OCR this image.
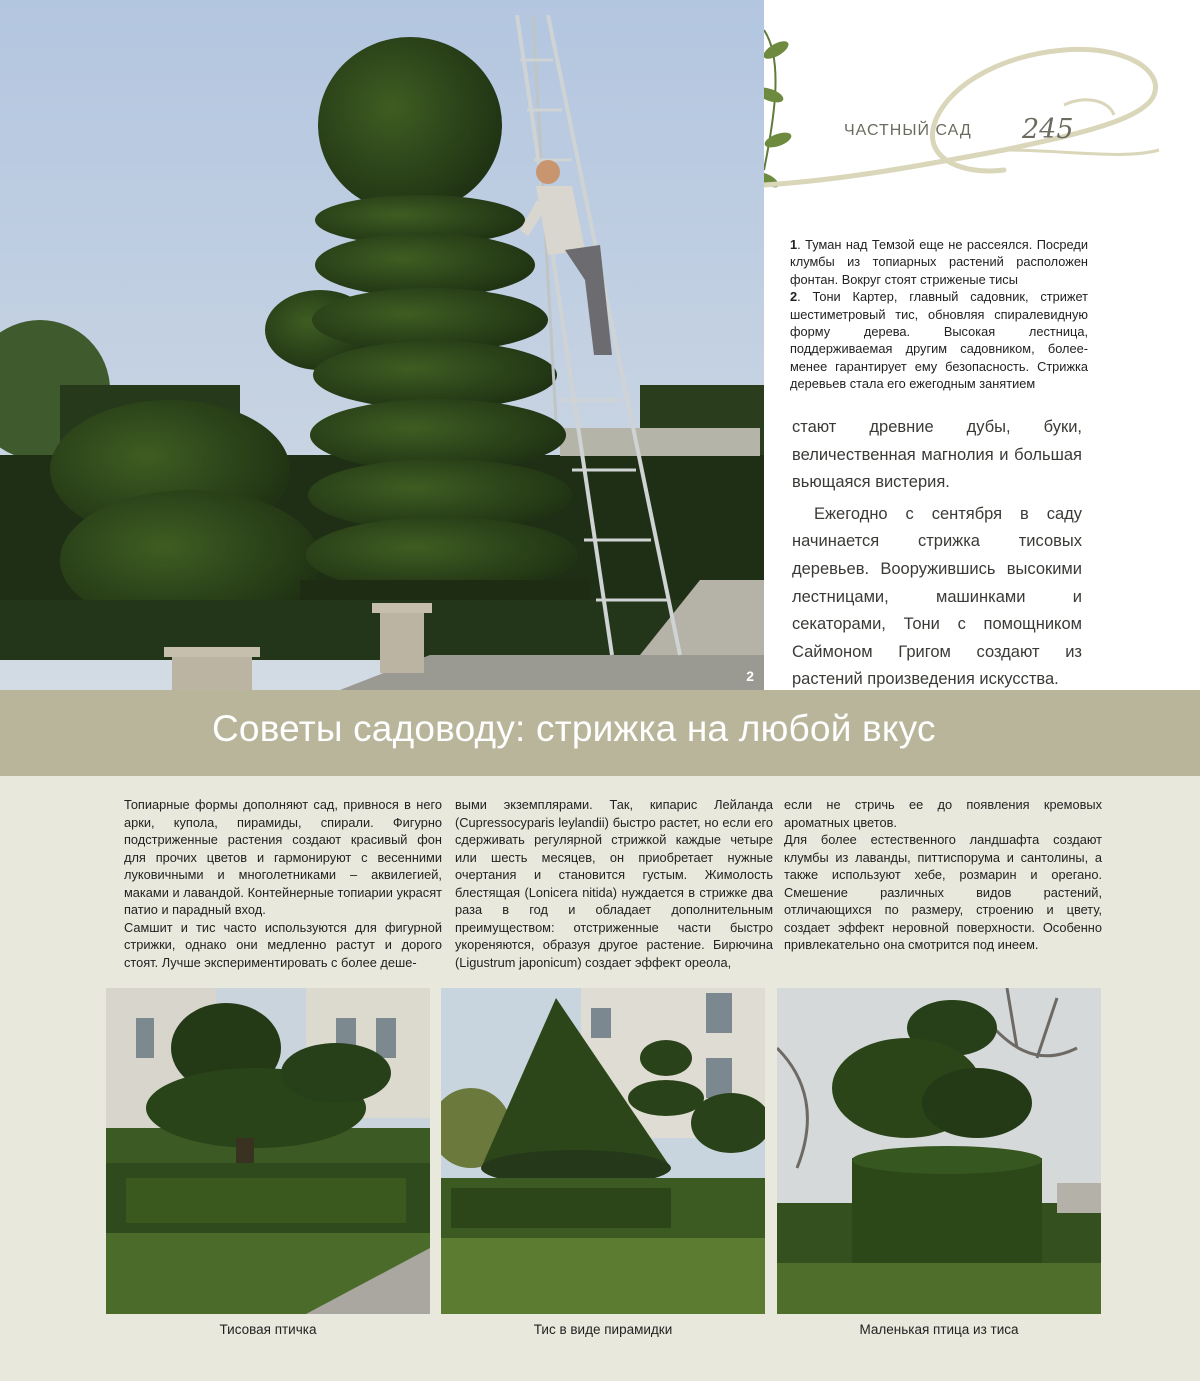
2
ЧАСТНЫЙ САД 245

1. Туман над Темзой еще не рассеялся. Посреди клумбы из топиарных растений расположен фонтан. Вокруг стоят стриженые тисы

2. Тони Картер, главный садовник, стрижет шестиметровый тис, обновляя спиралевидную форму дерева. Высокая лестница, поддерживаемая другим садовником, более-менее гарантирует ему безопасность. Стрижка деревьев стала его ежегодным занятием

стают древние дубы, буки, величественная магнолия и большая вьющаяся вистерия.

Ежегодно с сентября в саду начинается стрижка тисовых деревьев. Вооружившись высокими лестницами, машинками и секаторами, Тони с помощником Саймоном Григом создают из растений произведения искусства.

Советы садоводу: стрижка на любой вкус

Топиарные формы дополняют сад, привнося в него арки, купола, пирамиды, спирали. Фигурно подстриженные растения создают красивый фон для прочих цветов и гармонируют с весенними луковичными и многолетниками – аквилегией, маками и лавандой. Контейнерные топиарии украсят патио и парадный вход.

Самшит и тис часто используются для фигурной стрижки, однако они медленно растут и дорого стоят. Лучше экспериментировать с более деше-

выми экземплярами. Так, кипарис Лейланда (Cupressocyparis leylandii) быстро растет, но если его сдерживать регулярной стрижкой каждые четыре или шесть месяцев, он приобретает нужные очертания и становится густым. Жимолость блестящая (Lonicera nitida) нуждается в стрижке два раза в год и обладает дополнительным преимуществом: отстриженные части быстро укореняются, образуя другое растение. Бирючина (Ligustrum japonicum) создает эффект ореола,

если не стричь ее до появления кремовых ароматных цветов.

Для более естественного ландшафта создают клумбы из лаванды, питтиспорума и сантолины, а также используют хебе, розмарин и орегано. Смешение различных видов растений, отличающихся по размеру, строению и цвету, создает эффект неровной поверхности. Особенно привлекательно она смотрится под инеем.

Тисовая птичка	Тис в виде пирамидки	Маленькая птица из тиса
